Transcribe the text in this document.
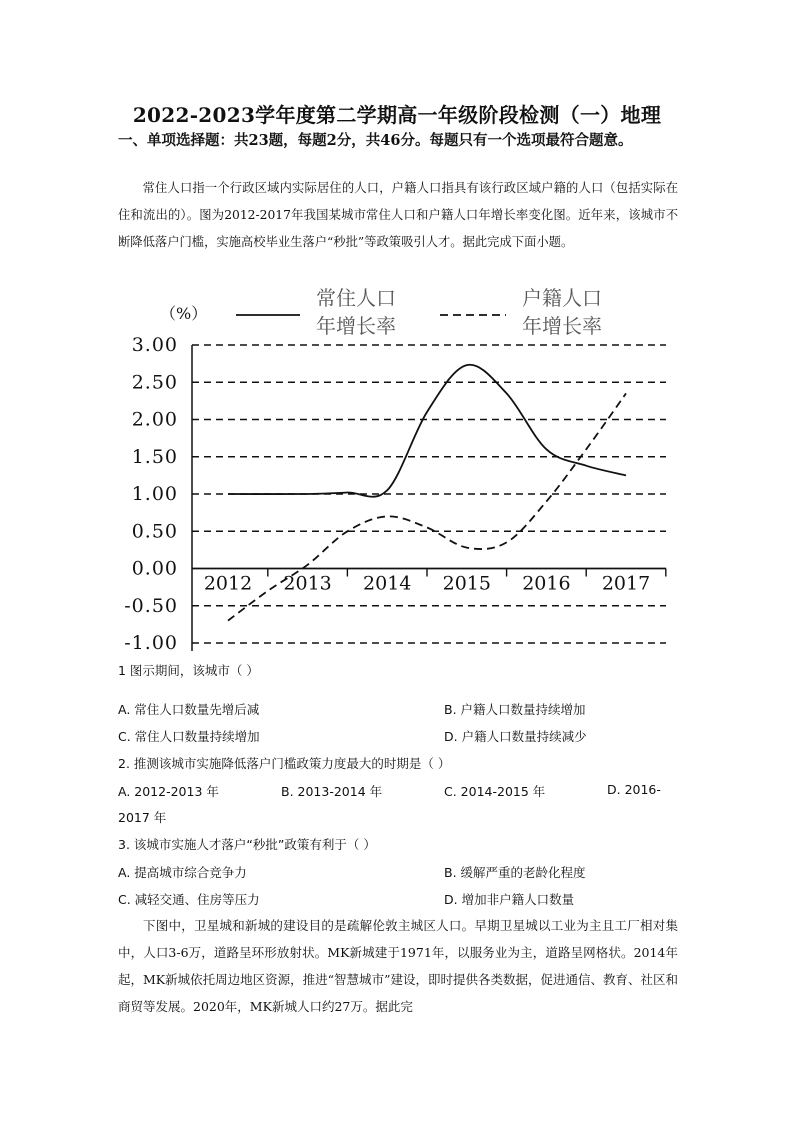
2022-2023学年度第二学期高一年级阶段检测（一）地理
一、单项选择题：共23题，每题2分，共46分。每题只有一个选项最符合题意。
常住人口指一个行政区域内实际居住的人口，户籍人口指具有该行政区域户籍的人口（包括实际在住和流出的）。图为2012-2017年我国某城市常住人口和户籍人口年增长率变化图。近年来，该城市不断降低落户门槛，实施高校毕业生落户“秒批”等政策吸引人才。据此完成下面小题。
3.00
2.50
2.00
1.50
1.00
0.50
0.00
-0.50
-1.00
2012 2013 2014 2015 2016 2017
（%）
常住人口
年增长率
户籍人口
年增长率
1 图示期间，该城市（ ）
A. 常住人口数量先增后减	B. 户籍人口数量持续增加
C. 常住人口数量持续增加	D. 户籍人口数量持续减少
2. 推测该城市实施降低落户门槛政策力度最大的时期是（ ）
A. 2012-2013 年	B. 2013-2014 年	C. 2014-2015 年	D. 2016-
2017 年
3. 该城市实施人才落户“秒批”政策有利于（ ）
A. 提高城市综合竞争力	B. 缓解严重的老龄化程度
C. 减轻交通、住房等压力	D. 增加非户籍人口数量
下图中，卫星城和新城的建设目的是疏解伦敦主城区人口。早期卫星城以工业为主且工厂相对集中，人口3-6万，道路呈环形放射状。MK新城建于1971年，以服务业为主，道路呈网格状。2014年起，MK新城依托周边地区资源，推进“智慧城市”建设，即时提供各类数据，促进通信、教育、社区和商贸等发展。2020年，MK新城人口约27万。据此完
